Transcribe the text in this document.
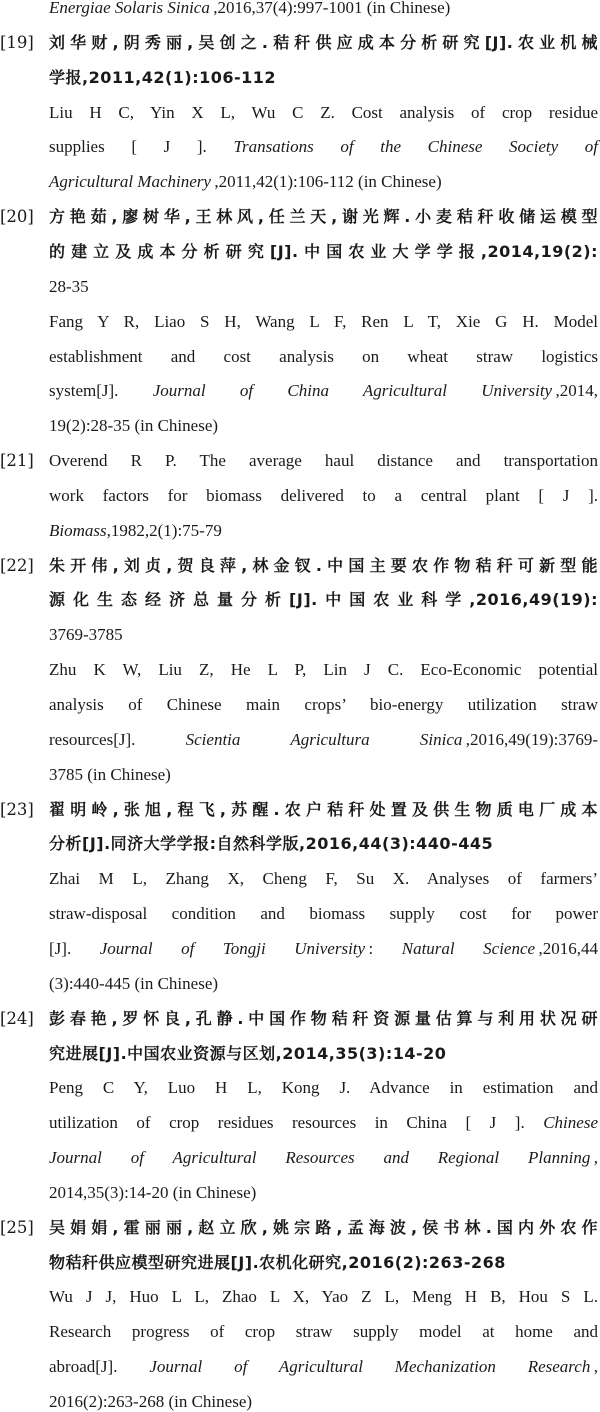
Energiae Solaris Sinica ,2016,37(4):997-1001 (in Chinese)
[19] 刘华财,阴秀丽,吴创之.秸秆供应成本分析研究[J].农业机械
学报,2011,42(1):106-112
Liu H C, Yin X L, Wu C Z. Cost analysis of crop residue
supplies [ J ]. Transations of the Chinese Society of
Agricultural Machinery ,2011,42(1):106-112 (in Chinese)
[20] 方艳茹,廖树华,王林风,任兰天,谢光辉.小麦秸秆收储运模型
的建立及成本分析研究[J].中国农业大学学报,2014,19(2):
28-35
Fang Y R, Liao S H, Wang L F, Ren L T, Xie G H. Model
establishment and cost analysis on wheat straw logistics
system[J]. Journal of China Agricultural University ,2014,
19(2):28-35 (in Chinese)
[21] Overend R P. The average haul distance and transportation
work factors for biomass delivered to a central plant [ J ].
Biomass,1982,2(1):75-79
[22] 朱开伟,刘贞,贺良萍,林金钗.中国主要农作物秸秆可新型能
源化生态经济总量分析[J].中国农业科学,2016,49(19):
3769-3785
Zhu K W, Liu Z, He L P, Lin J C. Eco-Economic potential
analysis of Chinese main crops’ bio-energy utilization straw
resources[J]. Scientia Agricultura Sinica ,2016,49(19):3769-
3785 (in Chinese)
[23] 翟明岭,张旭,程飞,苏醒.农户秸秆处置及供生物质电厂成本
分析[J].同济大学学报:自然科学版,2016,44(3):440-445
Zhai M L, Zhang X, Cheng F, Su X. Analyses of farmers’
straw-disposal condition and biomass supply cost for power
[J]. Journal of Tongji University : Natural Science ,2016,44
(3):440-445 (in Chinese)
[24] 彭春艳,罗怀良,孔静.中国作物秸秆资源量估算与利用状况研
究进展[J].中国农业资源与区划,2014,35(3):14-20
Peng C Y, Luo H L, Kong J. Advance in estimation and
utilization of crop residues resources in China [ J ]. Chinese
Journal of Agricultural Resources and Regional Planning ,
2014,35(3):14-20 (in Chinese)
[25] 吴娟娟,霍丽丽,赵立欣,姚宗路,孟海波,侯书林.国内外农作
物秸秆供应模型研究进展[J].农机化研究,2016(2):263-268
Wu J J, Huo L L, Zhao L X, Yao Z L, Meng H B, Hou S L.
Research progress of crop straw supply model at home and
abroad[J]. Journal of Agricultural Mechanization Research ,
2016(2):263-268 (in Chinese)
